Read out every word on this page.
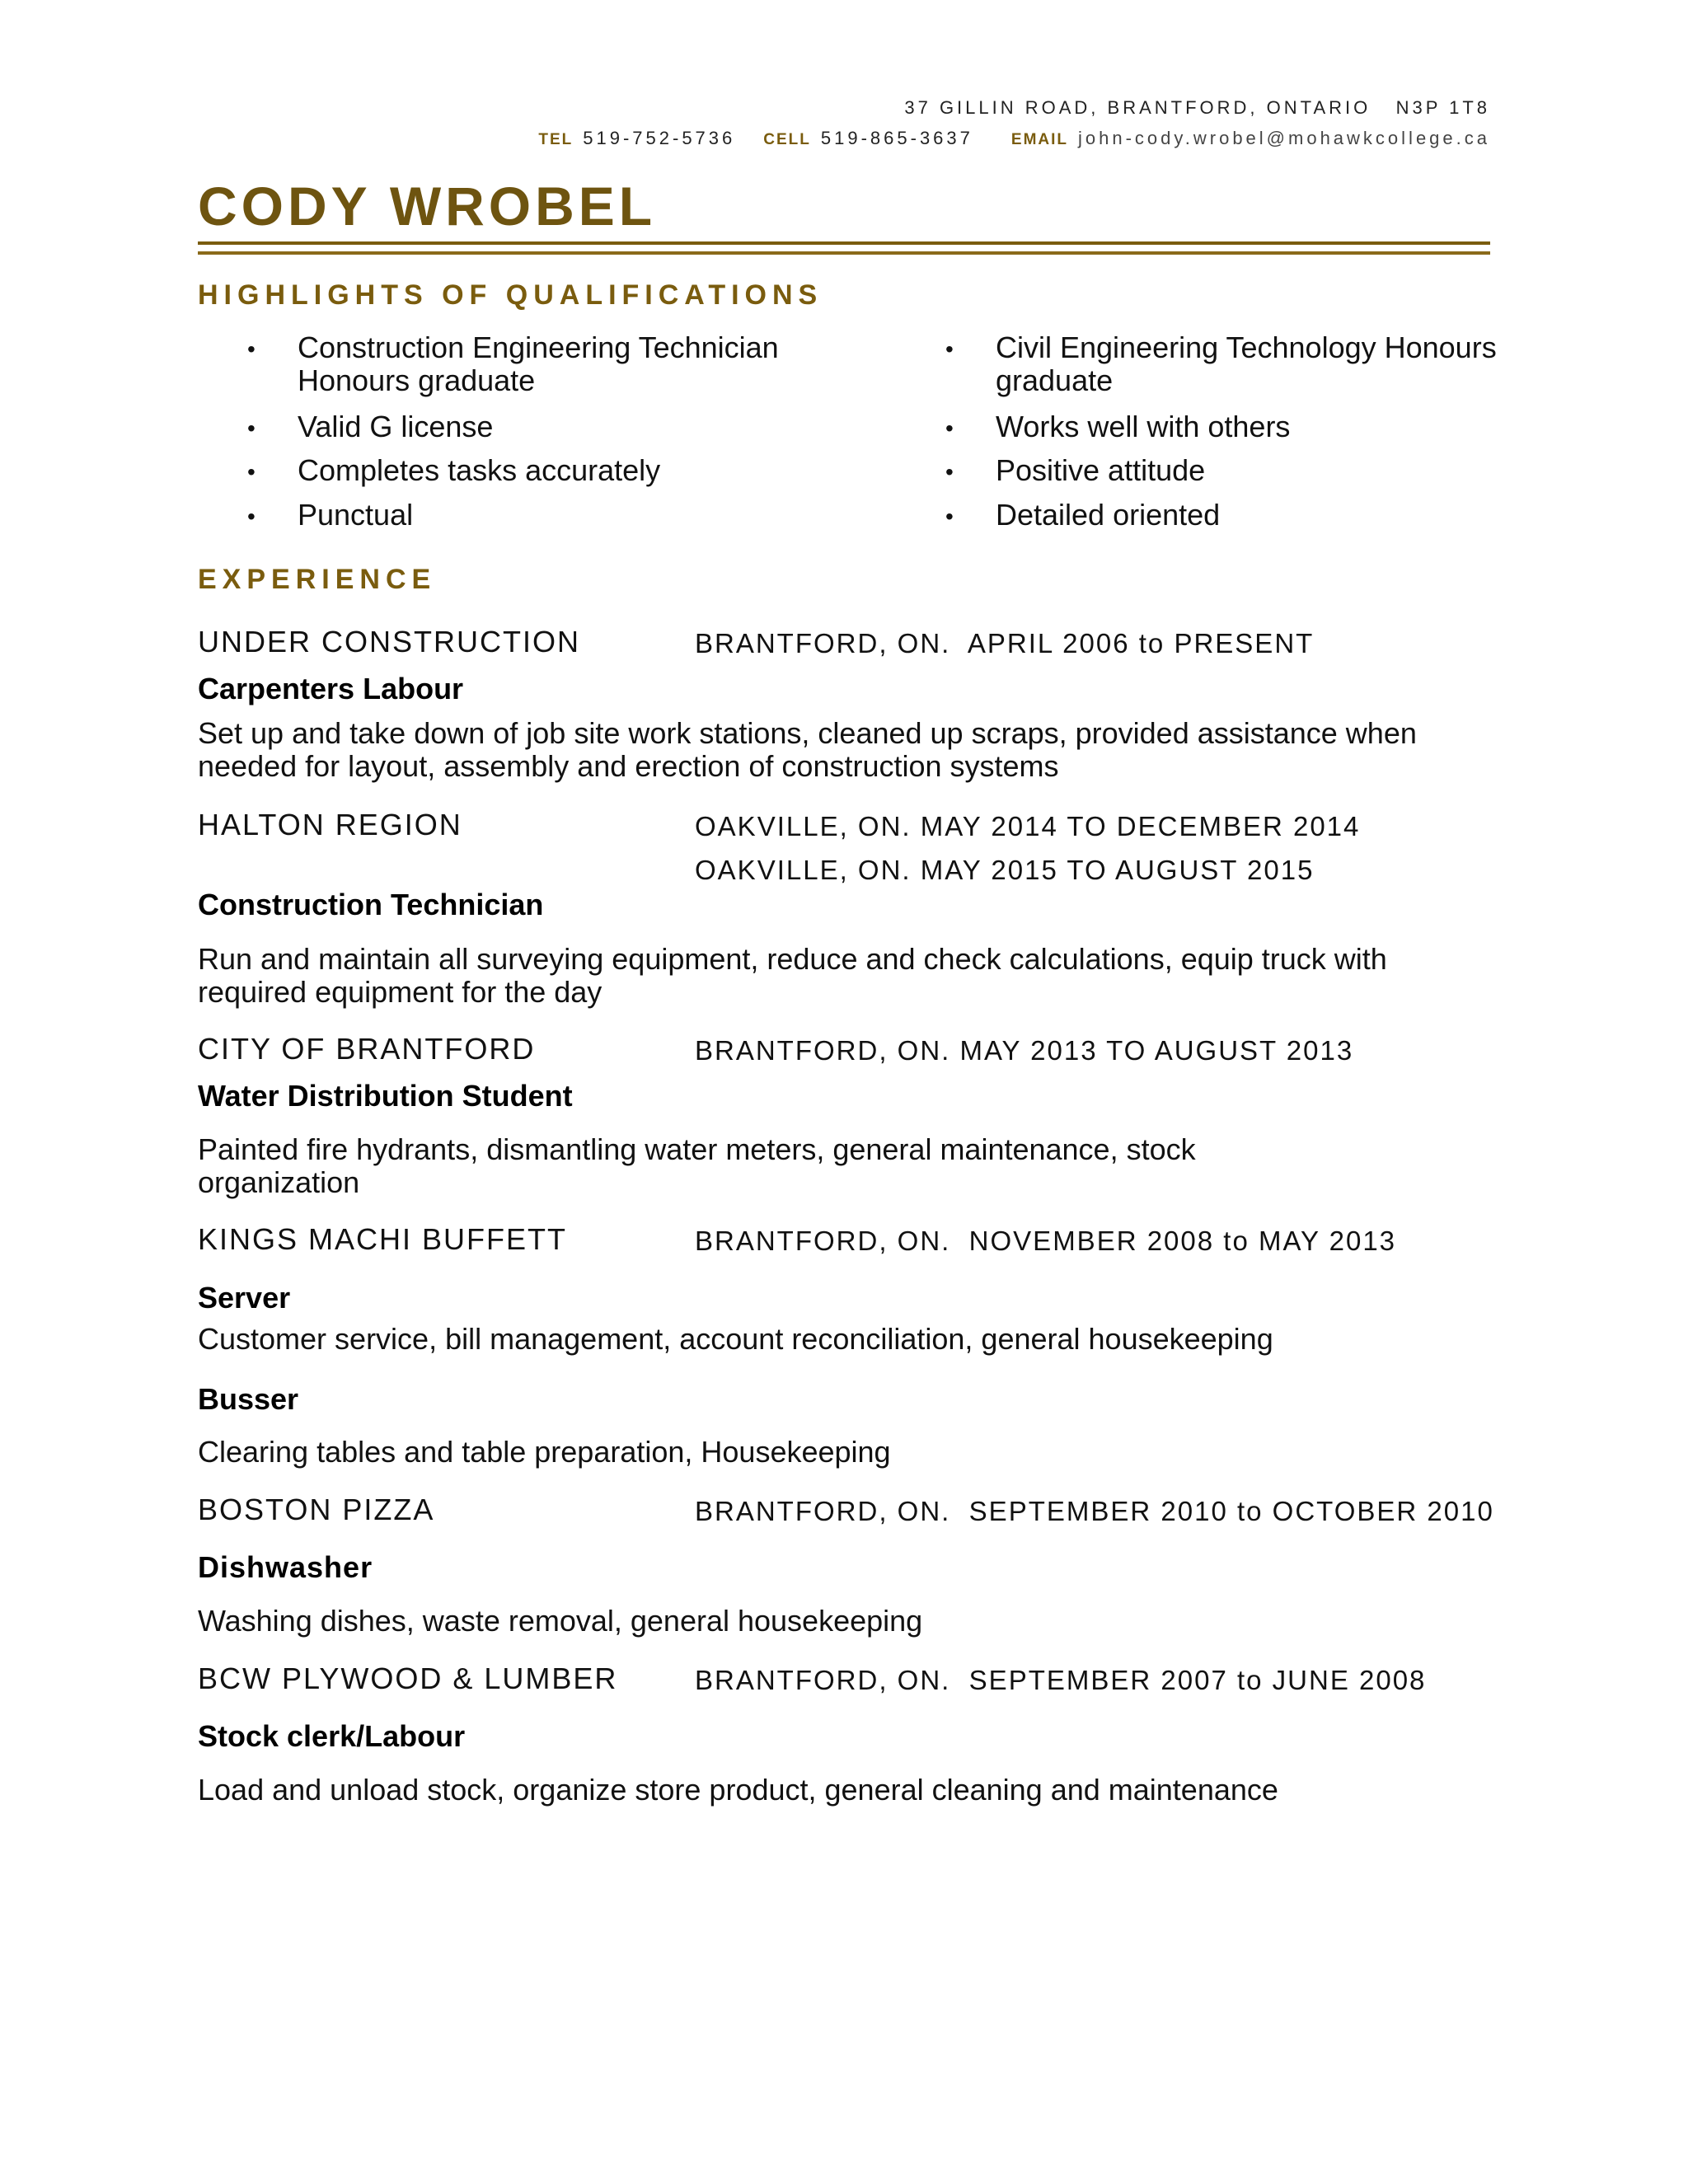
37 GILLIN ROAD, BRANTFORD, ONTARIO   N3P 1T8
TEL 519-752-5736 CELL 519-865-3637 EMAIL john-cody.wrobel@mohawkcollege.ca
CODY WROBEL
HIGHLIGHTS OF QUALIFICATIONS
• Construction Engineering Technician Honours graduate
• Valid G license
• Completes tasks accurately
• Punctual
• Civil Engineering Technology Honours graduate
• Works well with others
• Positive attitude
• Detailed oriented
EXPERIENCE
UNDER CONSTRUCTION	BRANTFORD, ON.  APRIL 2006 to PRESENT
Carpenters Labour
Set up and take down of job site work stations, cleaned up scraps, provided assistance when needed for layout, assembly and erection of construction systems
HALTON REGION	OAKVILLE, ON. MAY 2014 TO DECEMBER 2014
OAKVILLE, ON. MAY 2015 TO AUGUST 2015
Construction Technician
Run and maintain all surveying equipment, reduce and check calculations, equip truck with required equipment for the day
CITY OF BRANTFORD	BRANTFORD, ON. MAY 2013 TO AUGUST 2013
Water Distribution Student
Painted fire hydrants, dismantling water meters, general maintenance, stock organization
KINGS MACHI BUFFETT	BRANTFORD, ON.  NOVEMBER 2008 to MAY 2013
Server
Customer service, bill management, account reconciliation, general housekeeping
Busser
Clearing tables and table preparation, Housekeeping
BOSTON PIZZA	BRANTFORD, ON.  SEPTEMBER 2010 to OCTOBER 2010
Dishwasher
Washing dishes, waste removal, general housekeeping
BCW PLYWOOD & LUMBER	BRANTFORD, ON.  SEPTEMBER 2007 to JUNE 2008
Stock clerk/Labour
Load and unload stock, organize store product, general cleaning and maintenance
